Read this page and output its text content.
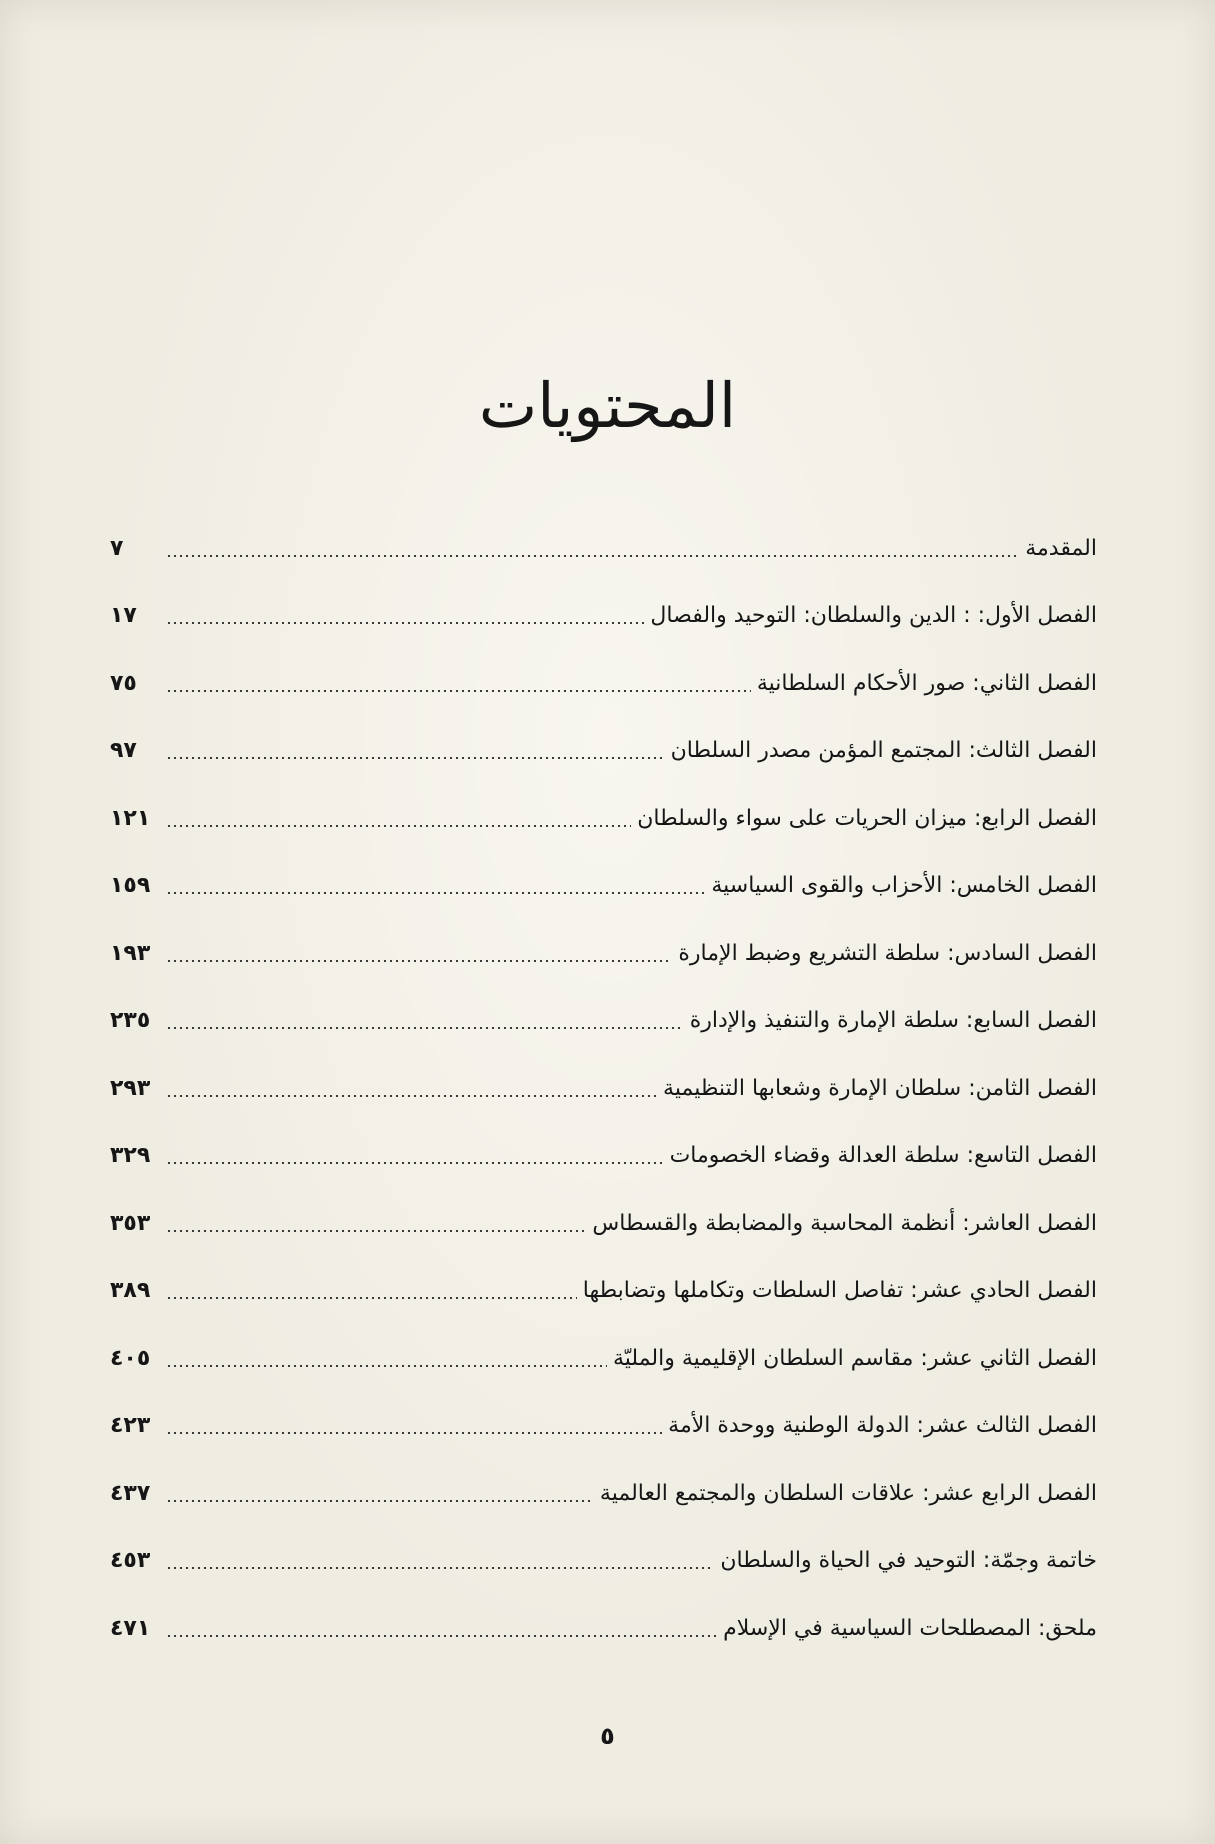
المحتويات
المقدمة
٧
الفصل الأول: : الدين والسلطان: التوحيد والفصال
١٧
الفصل الثاني: صور الأحكام السلطانية
٧٥
الفصل الثالث: المجتمع المؤمن مصدر السلطان
٩٧
الفصل الرابع: ميزان الحريات على سواء والسلطان
١٢١
الفصل الخامس: الأحزاب والقوى السياسية
١٥٩
الفصل السادس: سلطة التشريع وضبط الإمارة
١٩٣
الفصل السابع: سلطة الإمارة والتنفيذ والإدارة
٢٣٥
الفصل الثامن: سلطان الإمارة وشعابها التنظيمية
٢٩٣
الفصل التاسع: سلطة العدالة وقضاء الخصومات
٣٢٩
الفصل العاشر: أنظمة المحاسبة والمضابطة والقسطاس
٣٥٣
الفصل الحادي عشر: تفاصل السلطات وتكاملها وتضابطها
٣٨٩
الفصل الثاني عشر: مقاسم السلطان الإقليمية والمليّة
٤٠٥
الفصل الثالث عشر: الدولة الوطنية ووحدة الأمة
٤٢٣
الفصل الرابع عشر: علاقات السلطان والمجتمع العالمية
٤٣٧
خاتمة وجمّة: التوحيد في الحياة والسلطان
٤٥٣
ملحق: المصطلحات السياسية في الإسلام
٤٧١
٥
